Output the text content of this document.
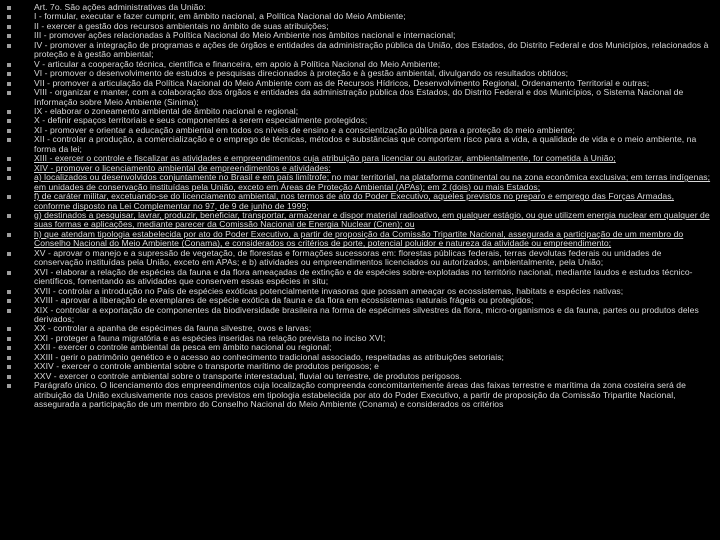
Art. 7o. São ações administrativas da União:
I - formular, executar e fazer cumprir, em âmbito nacional, a Política Nacional do Meio Ambiente;
II - exercer a gestão dos recursos ambientais no âmbito de suas atribuições;
III - promover ações relacionadas à Política Nacional do Meio Ambiente nos âmbitos nacional e internacional;
IV - promover a integração de programas e ações de órgãos e entidades da administração pública da União, dos Estados, do Distrito Federal e dos Municípios, relacionados à proteção e à gestão ambiental;
V - articular a cooperação técnica, científica e financeira, em apoio à Política Nacional do Meio Ambiente;
VI - promover o desenvolvimento de estudos e pesquisas direcionados à proteção e à gestão ambiental, divulgando os resultados obtidos;
VII - promover a articulação da Política Nacional do Meio Ambiente com as de Recursos Hídricos, Desenvolvimento Regional, Ordenamento Territorial e outras;
VIII - organizar e manter, com a colaboração dos órgãos e entidades da administração pública dos Estados, do Distrito Federal e dos Municípios, o Sistema Nacional de Informação sobre Meio Ambiente (Sinima);
IX - elaborar o zoneamento ambiental de âmbito nacional e regional;
X - definir espaços territoriais e seus componentes a serem especialmente protegidos;
XI - promover e orientar a educação ambiental em todos os níveis de ensino e a conscientização pública para a proteção do meio ambiente;
XII - controlar a produção, a comercialização e o emprego de técnicas, métodos e substâncias que comportem risco para a vida, a qualidade de vida e o meio ambiente, na forma da lei;
XIII - exercer o controle e fiscalizar as atividades e empreendimentos cuja atribuição para licenciar ou autorizar, ambientalmente, for cometida à União;
XIV - promover o licenciamento ambiental de empreendimentos e atividades:
a) localizados ou desenvolvidos conjuntamente no Brasil e em país limítrofe; no mar territorial, na plataforma continental ou na zona econômica exclusiva; em terras indígenas; em unidades de conservação instituídas pela União, exceto em Áreas de Proteção Ambiental (APAs); em 2 (dois) ou mais Estados;
f) de caráter militar, excetuando-se do licenciamento ambiental, nos termos de ato do Poder Executivo, aqueles previstos no preparo e emprego das Forças Armadas, conforme disposto na Lei Complementar no 97, de 9 de junho de 1999;
g) destinados a pesquisar, lavrar, produzir, beneficiar, transportar, armazenar e dispor material radioativo, em qualquer estágio, ou que utilizem energia nuclear em qualquer de suas formas e aplicações, mediante parecer da Comissão Nacional de Energia Nuclear (Cnen); ou
h) que atendam tipologia estabelecida por ato do Poder Executivo, a partir de proposição da Comissão Tripartite Nacional, assegurada a participação de um membro do Conselho Nacional do Meio Ambiente (Conama), e considerados os critérios de porte, potencial poluidor e natureza da atividade ou empreendimento;
XV - aprovar o manejo e a supressão de vegetação, de florestas e formações sucessoras em: florestas públicas federais, terras devolutas federais ou unidades de conservação instituídas pela União, exceto em APAs; e b) atividades ou empreendimentos licenciados ou autorizados, ambientalmente, pela União;
XVI - elaborar a relação de espécies da fauna e da flora ameaçadas de extinção e de espécies sobre-explotadas no território nacional, mediante laudos e estudos técnico-científicos, fomentando as atividades que conservem essas espécies in situ;
XVII - controlar a introdução no País de espécies exóticas potencialmente invasoras que possam ameaçar os ecossistemas, habitats e espécies nativas;
XVIII - aprovar a liberação de exemplares de espécie exótica da fauna e da flora em ecossistemas naturais frágeis ou protegidos;
XIX - controlar a exportação de componentes da biodiversidade brasileira na forma de espécimes silvestres da flora, micro-organismos e da fauna, partes ou produtos deles derivados;
XX - controlar a apanha de espécimes da fauna silvestre, ovos e larvas;
XXI - proteger a fauna migratória e as espécies inseridas na relação prevista no inciso XVI;
XXII - exercer o controle ambiental da pesca em âmbito nacional ou regional;
XXIII - gerir o patrimônio genético e o acesso ao conhecimento tradicional associado, respeitadas as atribuições setoriais;
XXIV - exercer o controle ambiental sobre o transporte marítimo de produtos perigosos; e
XXV - exercer o controle ambiental sobre o transporte interestadual, fluvial ou terrestre, de produtos perigosos.
Parágrafo único. O licenciamento dos empreendimentos cuja localização compreenda concomitantemente áreas das faixas terrestre e marítima da zona costeira será de atribuição da União exclusivamente nos casos previstos em tipologia estabelecida por ato do Poder Executivo, a partir de proposição da Comissão Tripartite Nacional, assegurada a participação de um membro do Conselho Nacional do Meio Ambiente (Conama) e considerados os critérios
